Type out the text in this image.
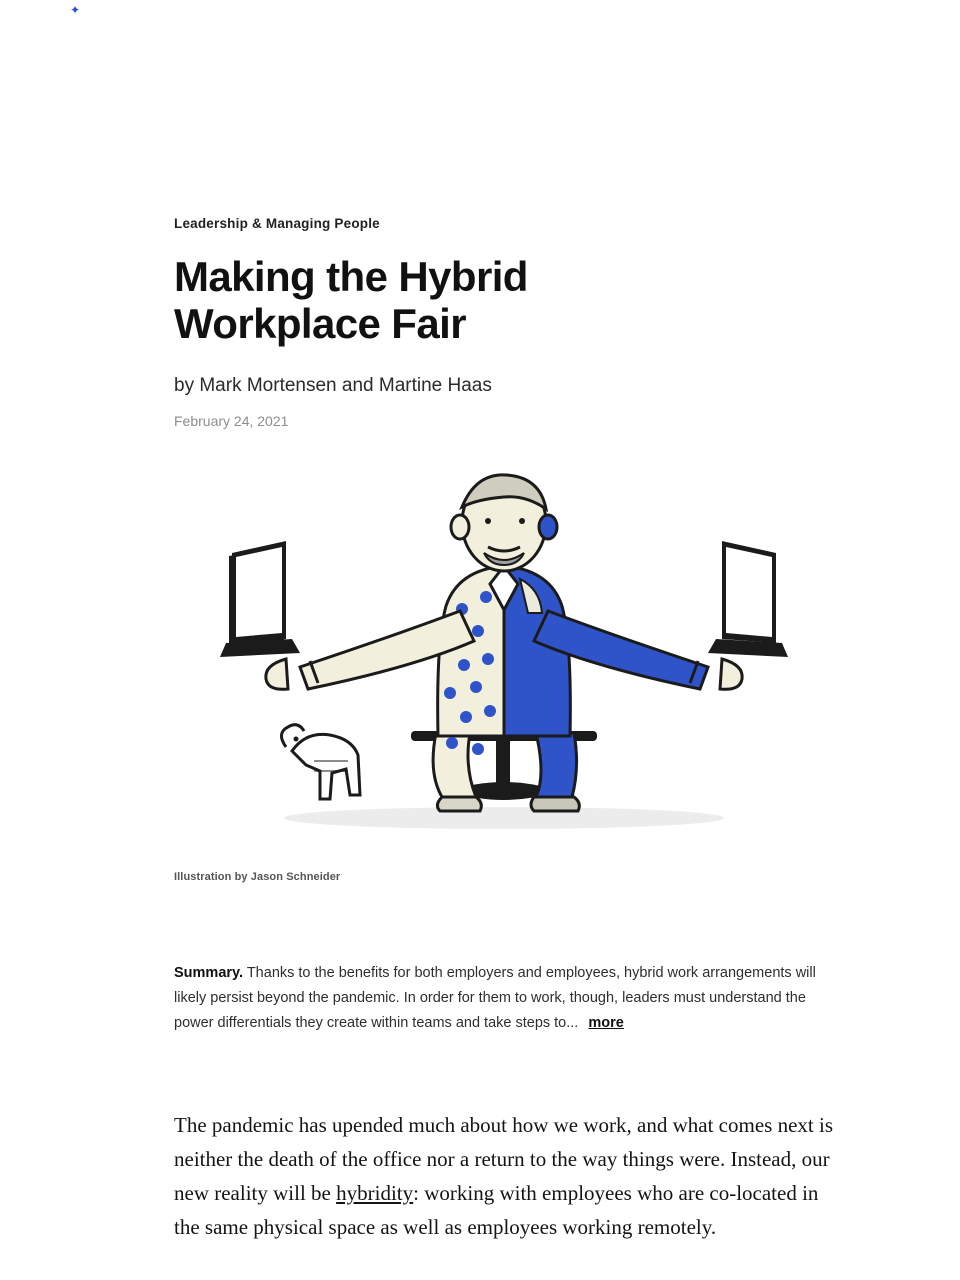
✦
Leadership & Managing People
Making the Hybrid Workplace Fair
by Mark Mortensen and Martine Haas
February 24, 2021
Illustration by Jason Schneider
Summary. Thanks to the benefits for both employers and employees, hybrid work arrangements will likely persist beyond the pandemic. In order for them to work, though, leaders must understand the power differentials they create within teams and take steps to... more

The pandemic has upended much about how we work, and what comes next is neither the death of the office nor a return to the way things were. Instead, our new reality will be hybridity: working with employees who are co-located in the same physical space as well as employees working remotely.
